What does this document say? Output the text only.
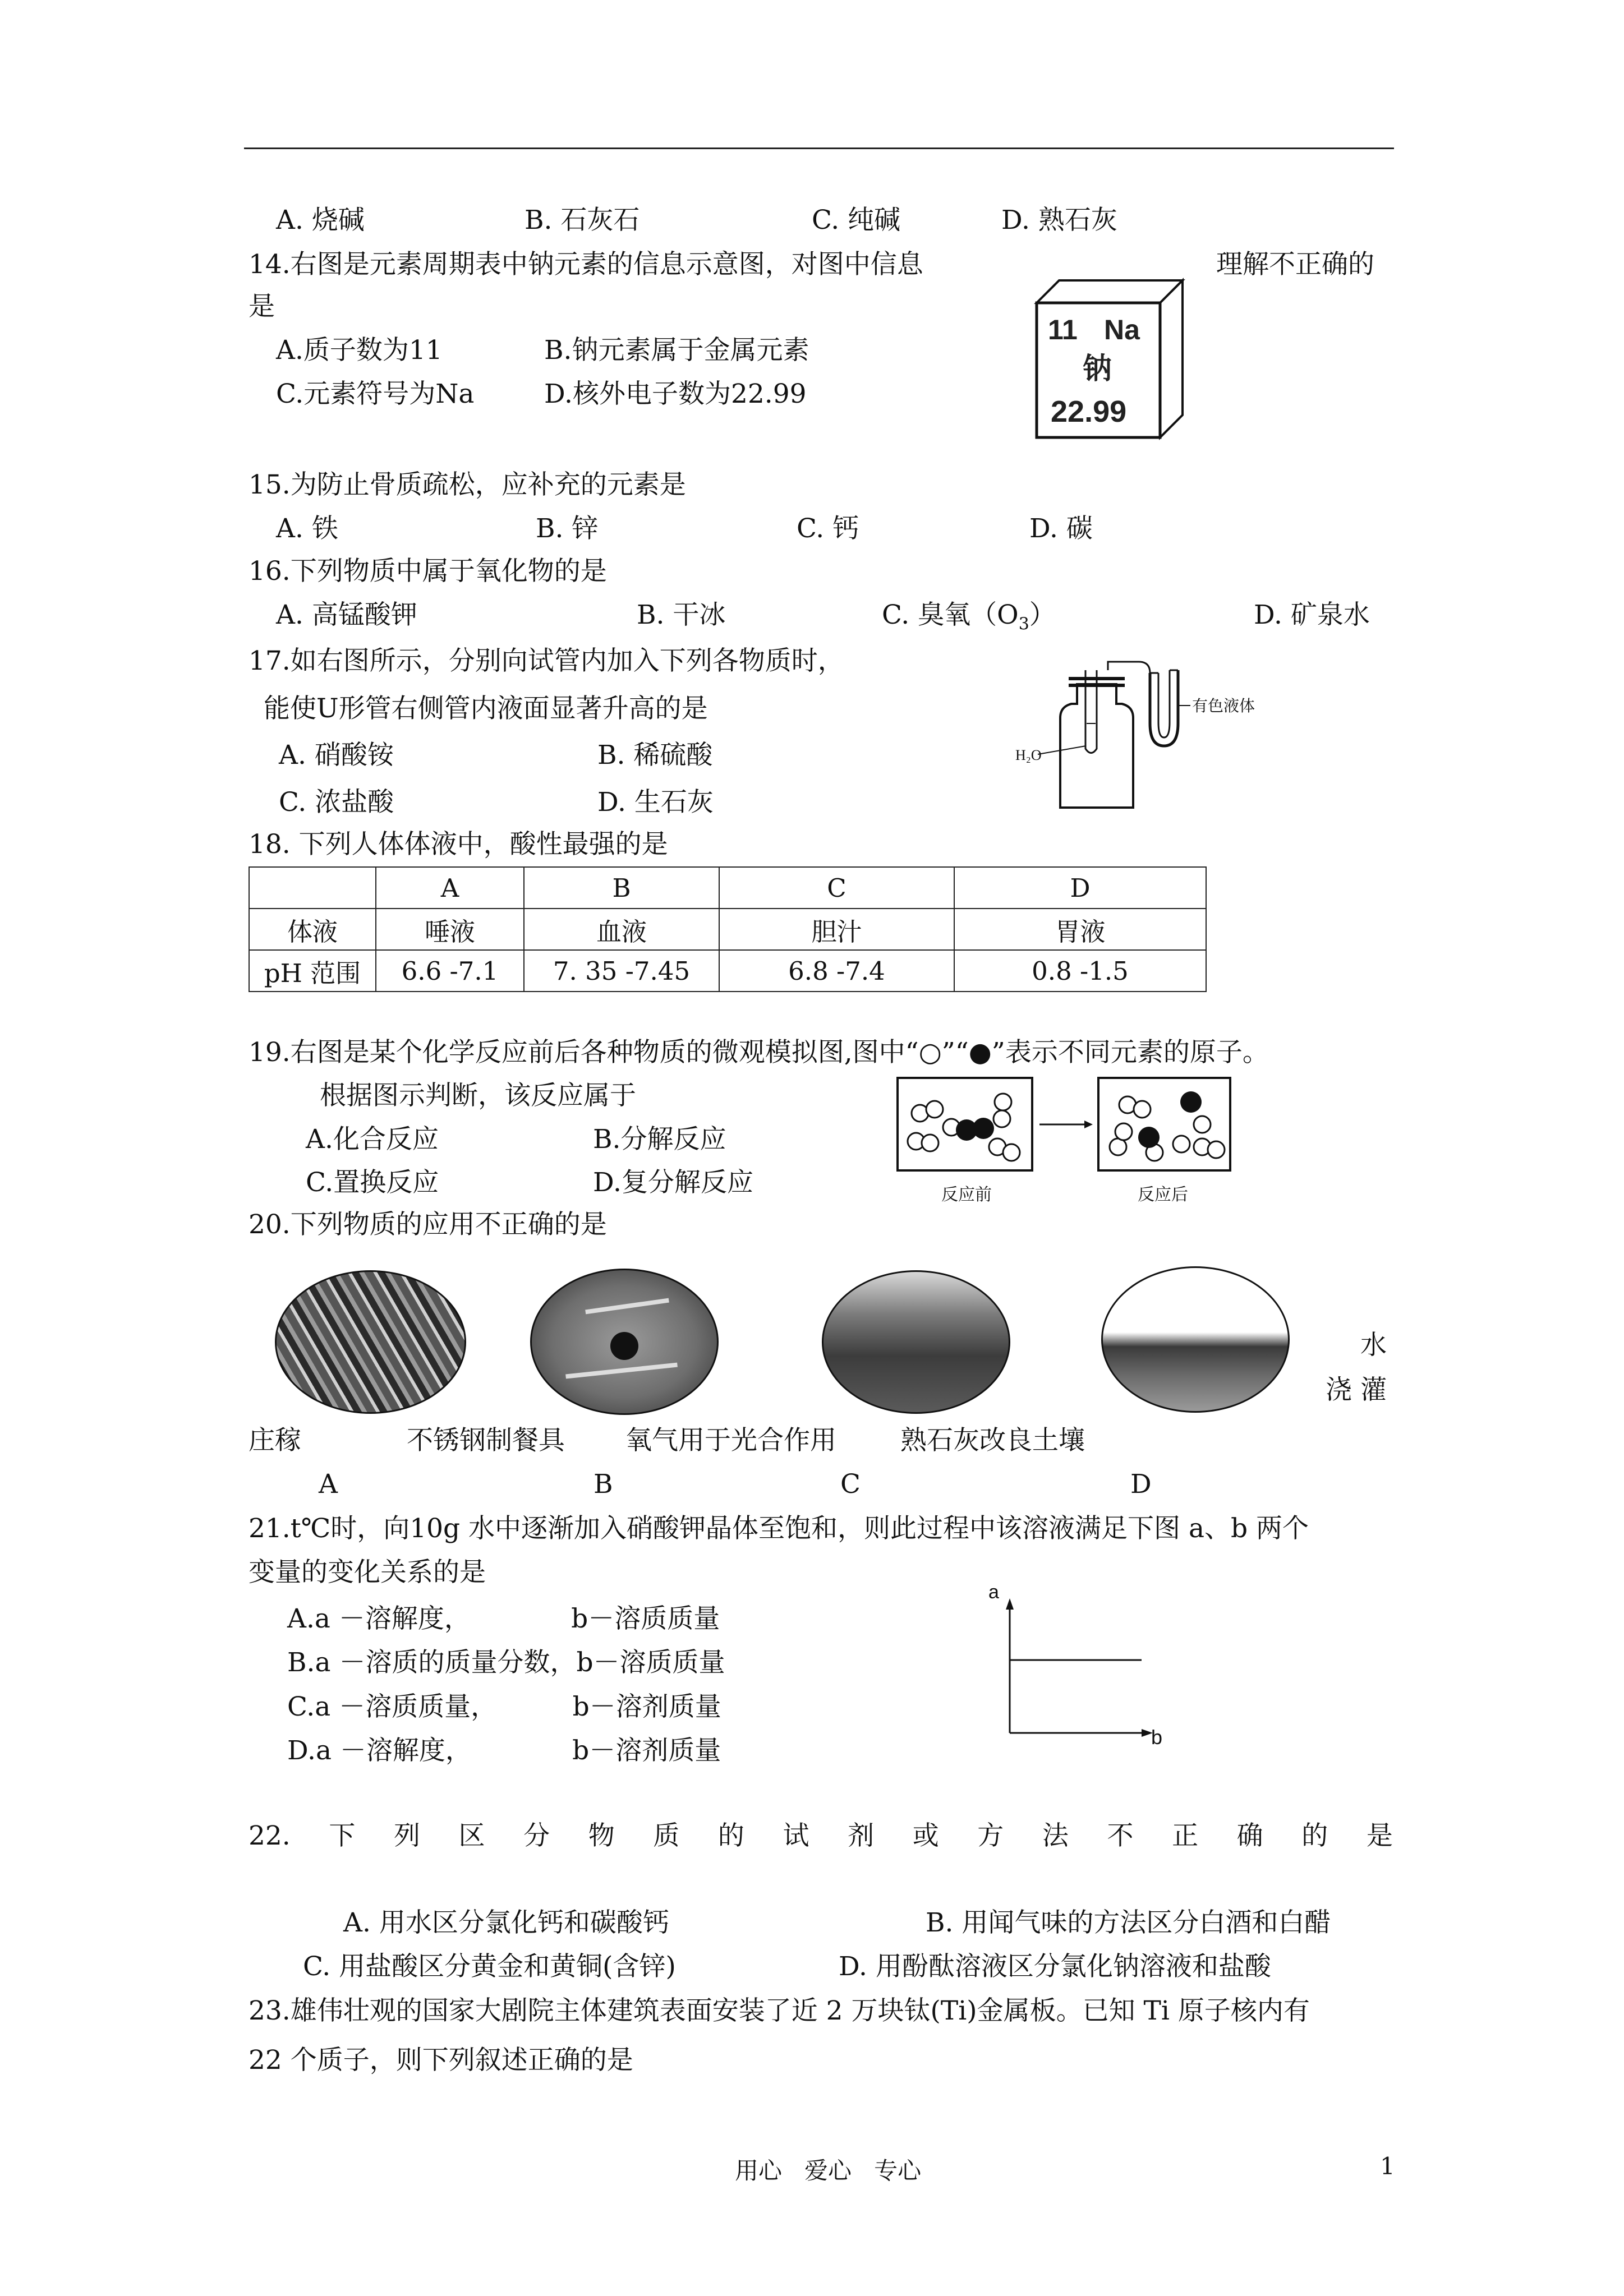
A. 烧碱	B. 石灰石	C. 纯碱	D. 熟石灰
14.右图是元素周期表中钠元素的信息示意图，对图中信息	理解不正确的
是
A.质子数为11	B.钠元素属于金属元素
C.元素符号为Na	D.核外电子数为22.99
11 Na
钠
22.99
15.为防止骨质疏松，应补充的元素是
A. 铁	B. 锌	C. 钙	D. 碳
16.下列物质中属于氧化物的是
A. 高锰酸钾	B. 干冰	C. 臭氧$(O_3)$	D. 矿泉水
17.如右图所示，分别向试管内加入下列各物质时，
能使U形管右侧管内液面显著升高的是
A. 硝酸铵	B. 稀硫酸
C. 浓盐酸	D. 生石灰
H₂O
有色液体
18. 下列人体体液中，酸性最强的是
	A	B	C	D
体液	唾液	血液	胆汁	胃液
pH 范围	6.6 -7.1	7. 35 -7.45	6.8 -7.4	0.8 -1.5
19.右图是某个化学反应前后各种物质的微观模拟图,图中“○”“●”表示不同元素的原子。
根据图示判断，该反应属于
A.化合反应	B.分解反应
C.置换反应	D.复分解反应	反应前	反应后
20.下列物质的应用不正确的是
水
浇 灌
庄稼	不锈钢制餐具 氧气用于光合作用 熟石灰改良土壤
A	B	C	D
21.t℃时，向10g 水中逐渐加入硝酸钾晶体至饱和，则此过程中该溶液满足下图 a、b 两个
变量的变化关系的是
A.a －溶解度，            b－溶质质量
B.a －溶质的质量分数，b－溶质质量
C.a －溶质质量，         b－溶剂质量
D.a －溶解度，            b－溶剂质量
a
b
22. 下 列 区 分 物 质 的 试 剂 或 方 法 不 正 确 的 是
A. 用水区分氯化钙和碳酸钙	B. 用闻气味的方法区分白酒和白醋
C. 用盐酸区分黄金和黄铜(含锌)	D. 用酚酞溶液区分氯化钠溶液和盐酸
23.雄伟壮观的国家大剧院主体建筑表面安装了近 2 万块钛(Ti)金属板。已知 Ti 原子核内有
22 个质子，则下列叙述正确的是
用心   爱心   专心	1
